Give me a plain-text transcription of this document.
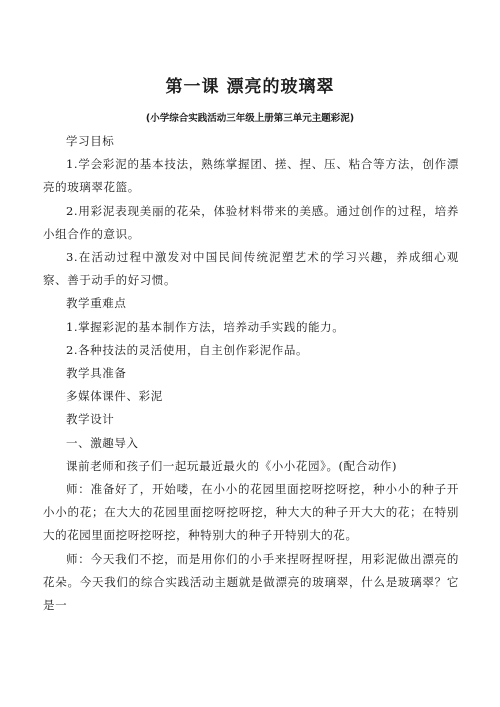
第一课 漂亮的玻璃翠
(小学综合实践活动三年级上册第三单元主题彩泥)

学习目标

1.学会彩泥的基本技法，熟练掌握团、搓、捏、压、粘合等方法，创作漂亮的玻璃翠花篮。

2.用彩泥表现美丽的花朵，体验材料带来的美感。通过创作的过程，培养小组合作的意识。

3.在活动过程中激发对中国民间传统泥塑艺术的学习兴趣，养成细心观察、善于动手的好习惯。

教学重难点

1.掌握彩泥的基本制作方法，培养动手实践的能力。

2.各种技法的灵活使用，自主创作彩泥作品。

教学具准备

多媒体课件、彩泥

教学设计

一、激趣导入

课前老师和孩子们一起玩最近最火的《小小花园》。(配合动作)

师：准备好了，开始喽，在小小的花园里面挖呀挖呀挖，种小小的种子开小小的花；在大大的花园里面挖呀挖呀挖，种大大的种子开大大的花；在特别大的花园里面挖呀挖呀挖，种特别大的种子开特别大的花。

师：今天我们不挖，而是用你们的小手来捏呀捏呀捏，用彩泥做出漂亮的花朵。今天我们的综合实践活动主题就是做漂亮的玻璃翠，什么是玻璃翠？它是一
